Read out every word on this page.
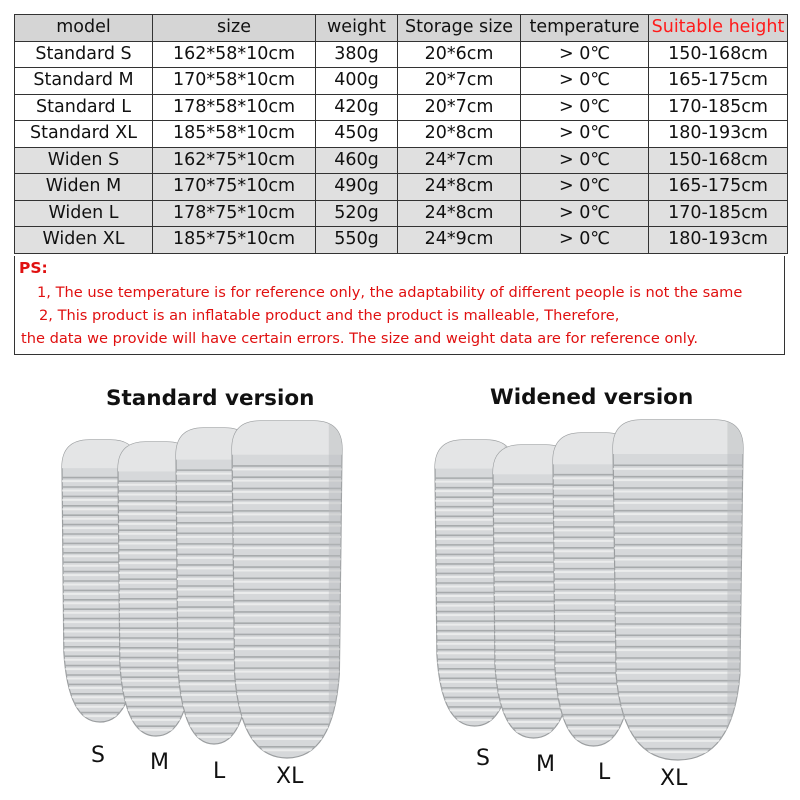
model	size	weight	Storage size	temperature	Suitable height
Standard S	162*58*10cm	380g	20*6cm	> 0℃	150-168cm
Standard M	170*58*10cm	400g	20*7cm	> 0℃	165-175cm
Standard L	178*58*10cm	420g	20*7cm	> 0℃	170-185cm
Standard XL	185*58*10cm	450g	20*8cm	> 0℃	180-193cm
Widen S	162*75*10cm	460g	24*7cm	> 0℃	150-168cm
Widen M	170*75*10cm	490g	24*8cm	> 0℃	165-175cm
Widen L	178*75*10cm	520g	24*8cm	> 0℃	170-185cm
Widen XL	185*75*10cm	550g	24*9cm	> 0℃	180-193cm
PS:
1, The use temperature is for reference only, the adaptability of different people is not the same
2, This product is an inflatable product and the product is malleable, Therefore,
the data we provide will have certain errors. The size and weight data are for reference only.
Standard version	Widened version
S M L XL
S M L XL
